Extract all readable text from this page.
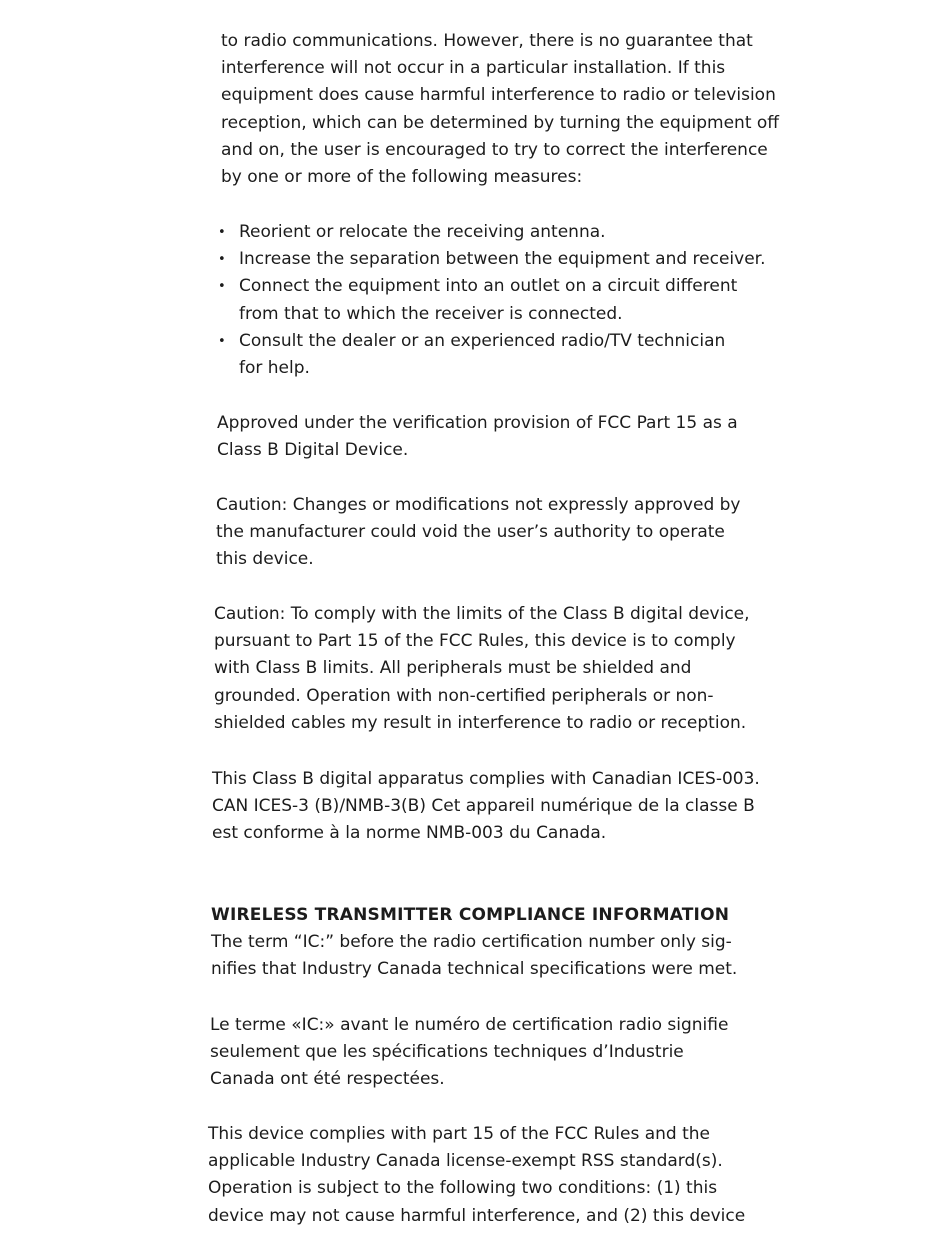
to radio communications. However, there is no guarantee that
interference will not occur in a particular installation. If this
equipment does cause harmful interference to radio or television
reception, which can be determined by turning the equipment off
and on, the user is encouraged to try to correct the interference
by one or more of the following measures:
• Reorient or relocate the receiving antenna.
• Increase the separation between the equipment and receiver.
• Connect the equipment into an outlet on a circuit different
from that to which the receiver is connected.
• Consult the dealer or an experienced radio/TV technician
for help.
Approved under the verification provision of FCC Part 15 as a
Class B Digital Device.
Caution: Changes or modifications not expressly approved by
the manufacturer could void the user’s authority to operate
this device.
Caution: To comply with the limits of the Class B digital device,
pursuant to Part 15 of the FCC Rules, this device is to comply
with Class B limits. All peripherals must be shielded and
grounded. Operation with non-certified peripherals or non-
shielded cables my result in interference to radio or reception.
This Class B digital apparatus complies with Canadian ICES-003.
CAN ICES-3 (B)/NMB-3(B) Cet appareil numérique de la classe B
est conforme à la norme NMB-003 du Canada.
WIRELESS TRANSMITTER COMPLIANCE INFORMATION
The term “IC:” before the radio certification number only sig-
nifies that Industry Canada technical specifications were met.
Le terme «IC:» avant le numéro de certification radio signifie
seulement que les spécifications techniques d’Industrie
Canada ont été respectées.
This device complies with part 15 of the FCC Rules and the
applicable Industry Canada license-exempt RSS standard(s).
Operation is subject to the following two conditions: (1) this
device may not cause harmful interference, and (2) this device
